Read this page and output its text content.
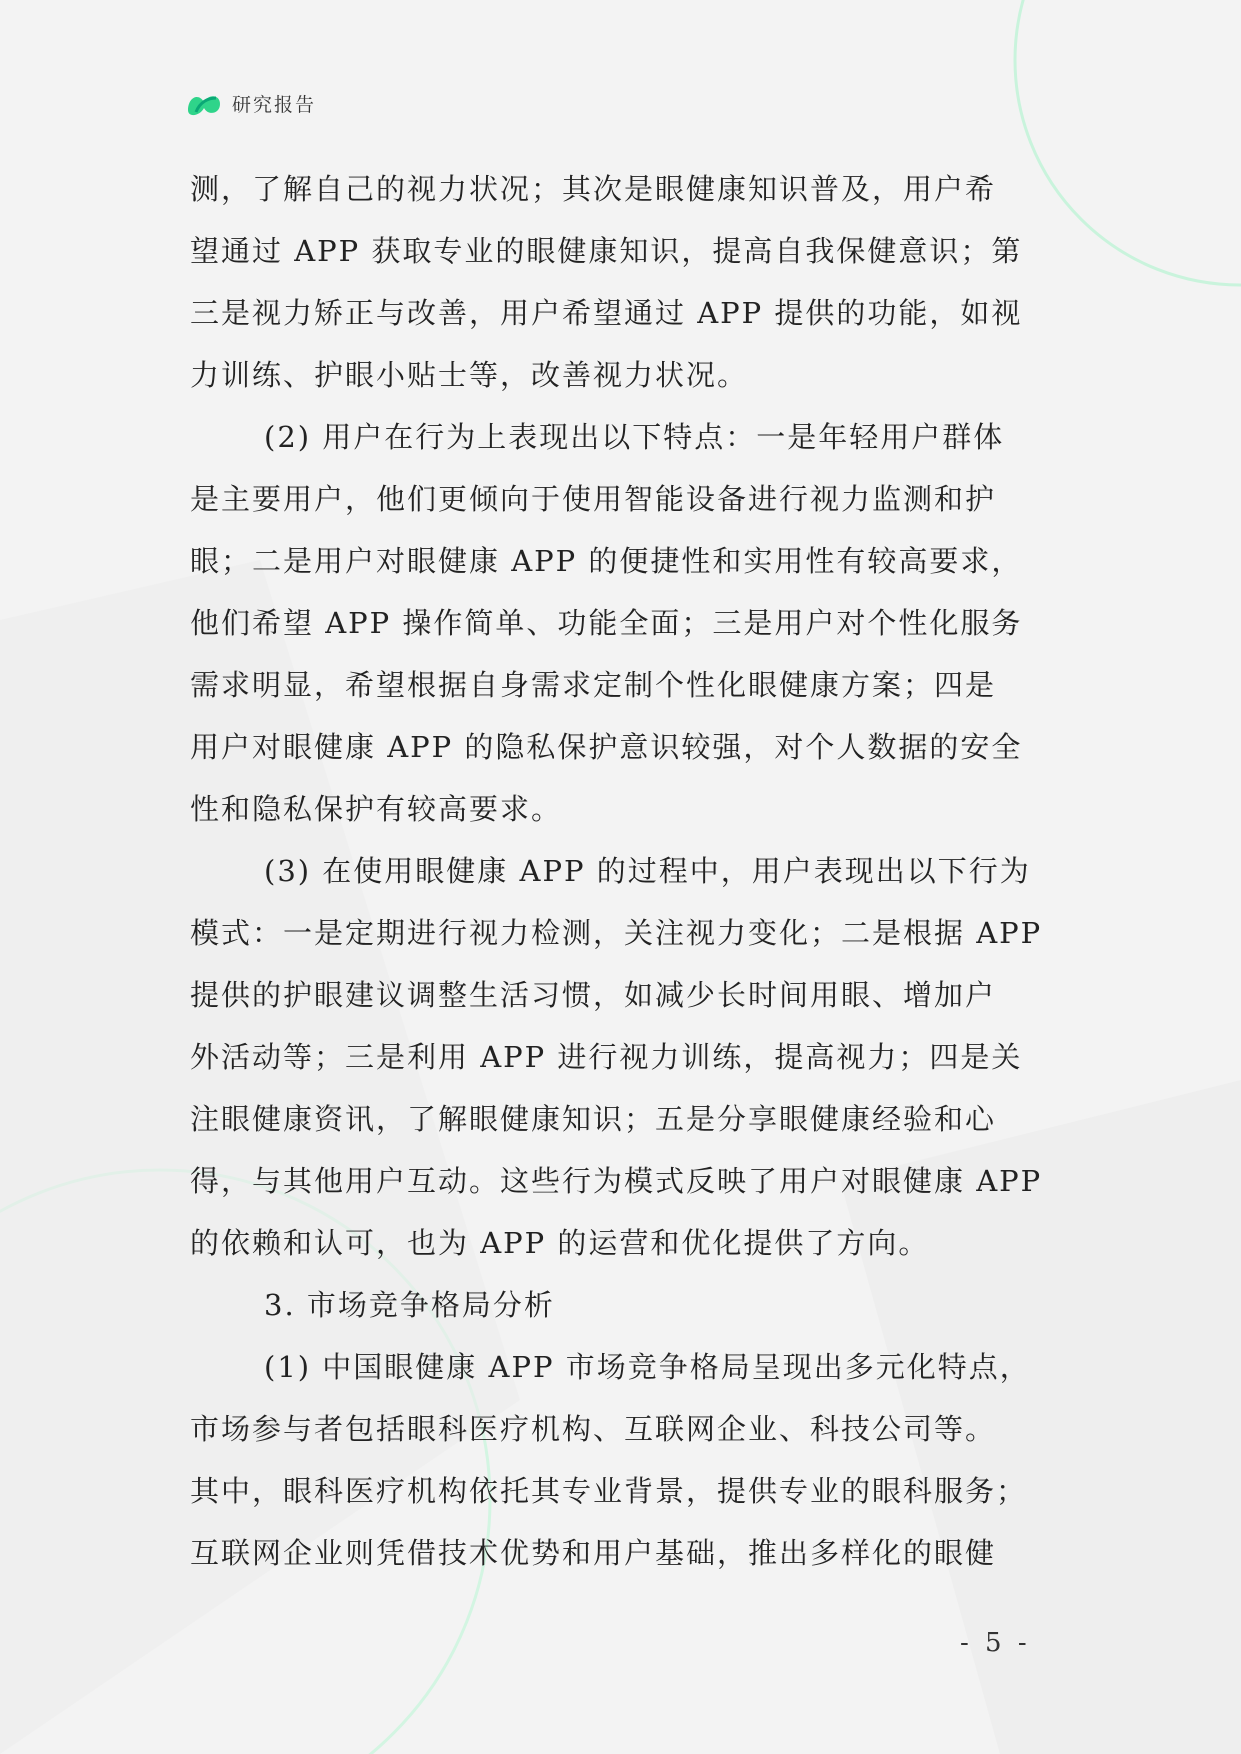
研究报告
测，了解自己的视力状况；其次是眼健康知识普及，用户希
望通过 APP 获取专业的眼健康知识，提高自我保健意识；第
三是视力矫正与改善，用户希望通过 APP 提供的功能，如视
力训练、护眼小贴士等，改善视力状况。
(2) 用户在行为上表现出以下特点：一是年轻用户群体
是主要用户，他们更倾向于使用智能设备进行视力监测和护
眼；二是用户对眼健康 APP 的便捷性和实用性有较高要求，
他们希望 APP 操作简单、功能全面；三是用户对个性化服务
需求明显，希望根据自身需求定制个性化眼健康方案；四是
用户对眼健康 APP 的隐私保护意识较强，对个人数据的安全
性和隐私保护有较高要求。
(3) 在使用眼健康 APP 的过程中，用户表现出以下行为
模式：一是定期进行视力检测，关注视力变化；二是根据 APP
提供的护眼建议调整生活习惯，如减少长时间用眼、增加户
外活动等；三是利用 APP 进行视力训练，提高视力；四是关
注眼健康资讯，了解眼健康知识；五是分享眼健康经验和心
得，与其他用户互动。这些行为模式反映了用户对眼健康 APP
的依赖和认可，也为 APP 的运营和优化提供了方向。
3. 市场竞争格局分析
(1) 中国眼健康 APP 市场竞争格局呈现出多元化特点，
市场参与者包括眼科医疗机构、互联网企业、科技公司等。
其中，眼科医疗机构依托其专业背景，提供专业的眼科服务；
互联网企业则凭借技术优势和用户基础，推出多样化的眼健
- 5 -
